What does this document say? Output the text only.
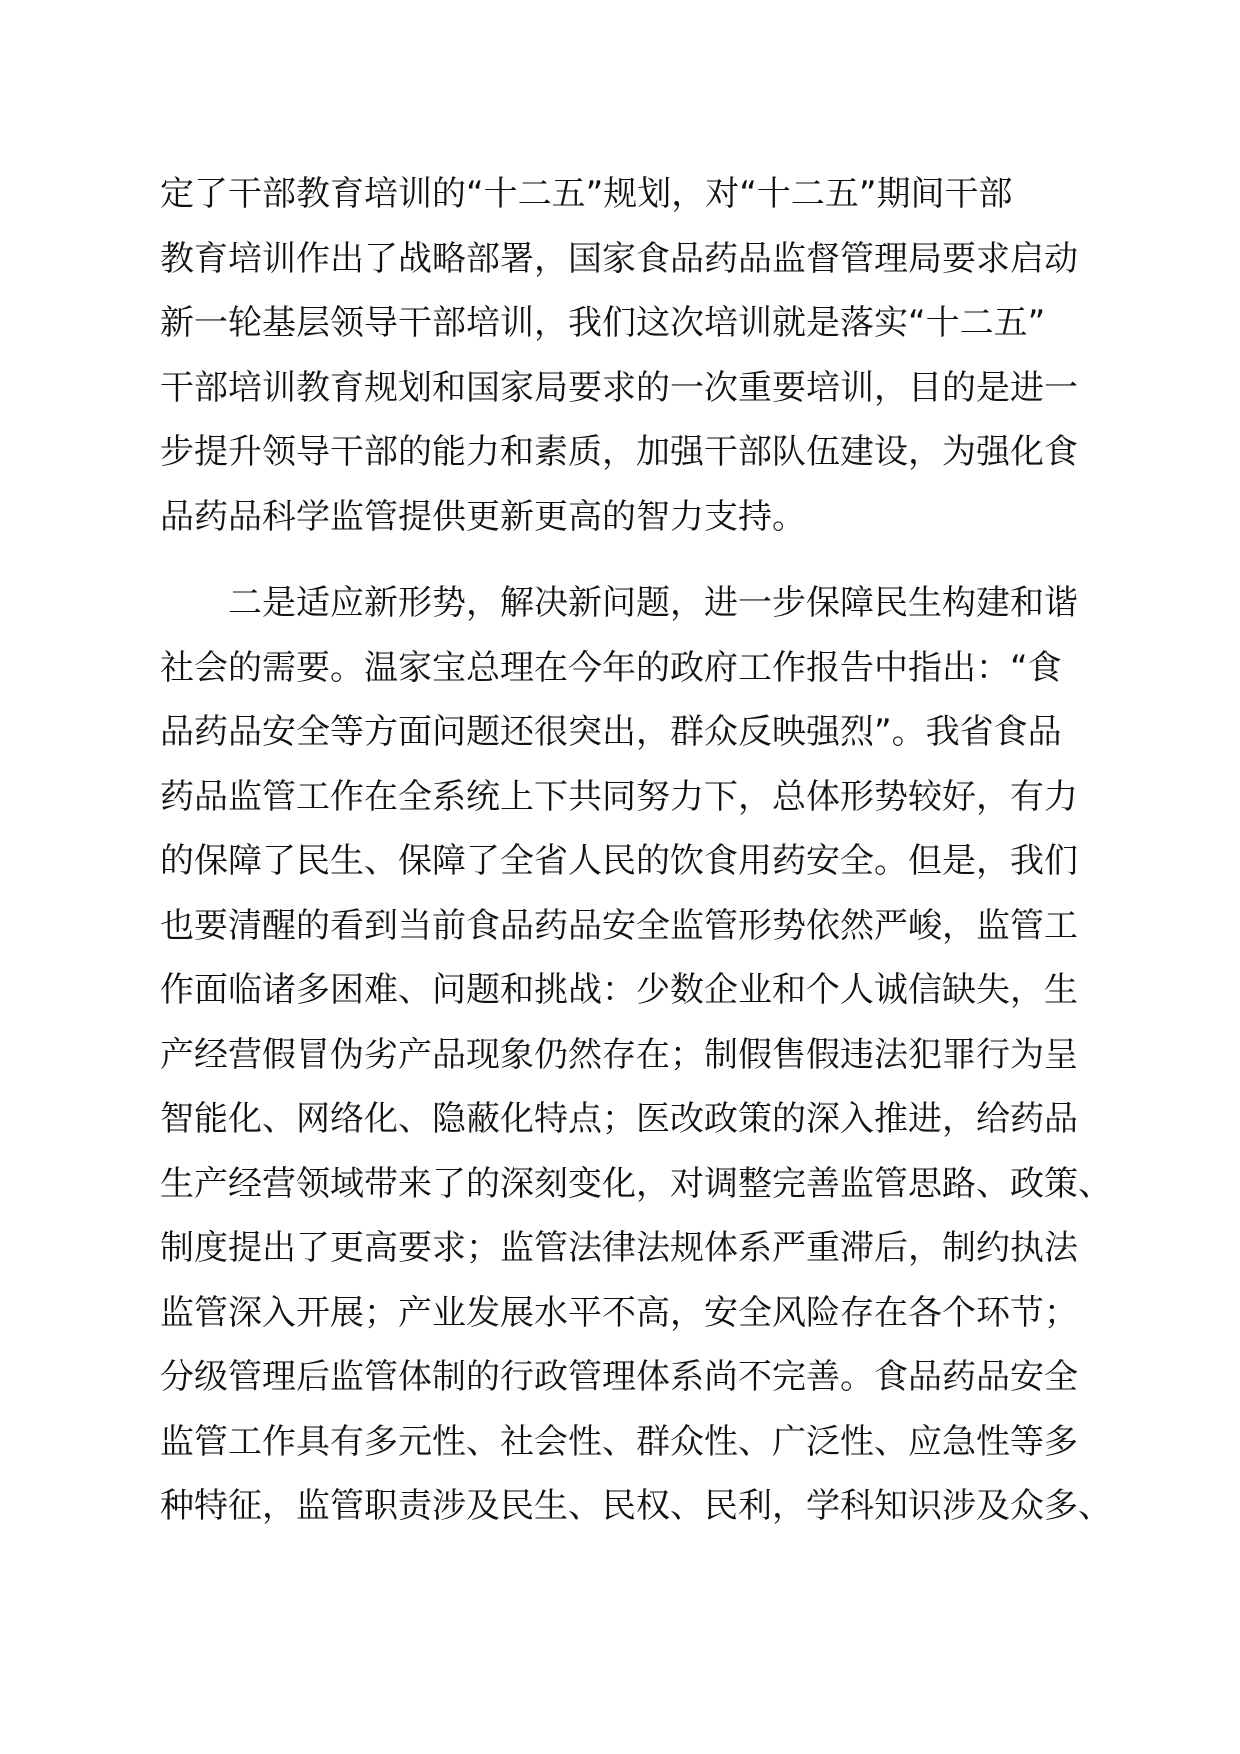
定了干部教育培训的“十二五”规划，对“十二五”期间干部
教育培训作出了战略部署，国家食品药品监督管理局要求启动
新一轮基层领导干部培训，我们这次培训就是落实“十二五”
干部培训教育规划和国家局要求的一次重要培训，目的是进一
步提升领导干部的能力和素质，加强干部队伍建设，为强化食
品药品科学监管提供更新更高的智力支持。
二是适应新形势，解决新问题，进一步保障民生构建和谐
社会的需要。温家宝总理在今年的政府工作报告中指出：“食
品药品安全等方面问题还很突出，群众反映强烈”。我省食品
药品监管工作在全系统上下共同努力下，总体形势较好，有力
的保障了民生、保障了全省人民的饮食用药安全。但是，我们
也要清醒的看到当前食品药品安全监管形势依然严峻，监管工
作面临诸多困难、问题和挑战：少数企业和个人诚信缺失，生
产经营假冒伪劣产品现象仍然存在；制假售假违法犯罪行为呈
智能化、网络化、隐蔽化特点；医改政策的深入推进，给药品
生产经营领域带来了的深刻变化，对调整完善监管思路、政策、
制度提出了更高要求；监管法律法规体系严重滞后，制约执法
监管深入开展；产业发展水平不高，安全风险存在各个环节；
分级管理后监管体制的行政管理体系尚不完善。食品药品安全
监管工作具有多元性、社会性、群众性、广泛性、应急性等多
种特征，监管职责涉及民生、民权、民利，学科知识涉及众多、
